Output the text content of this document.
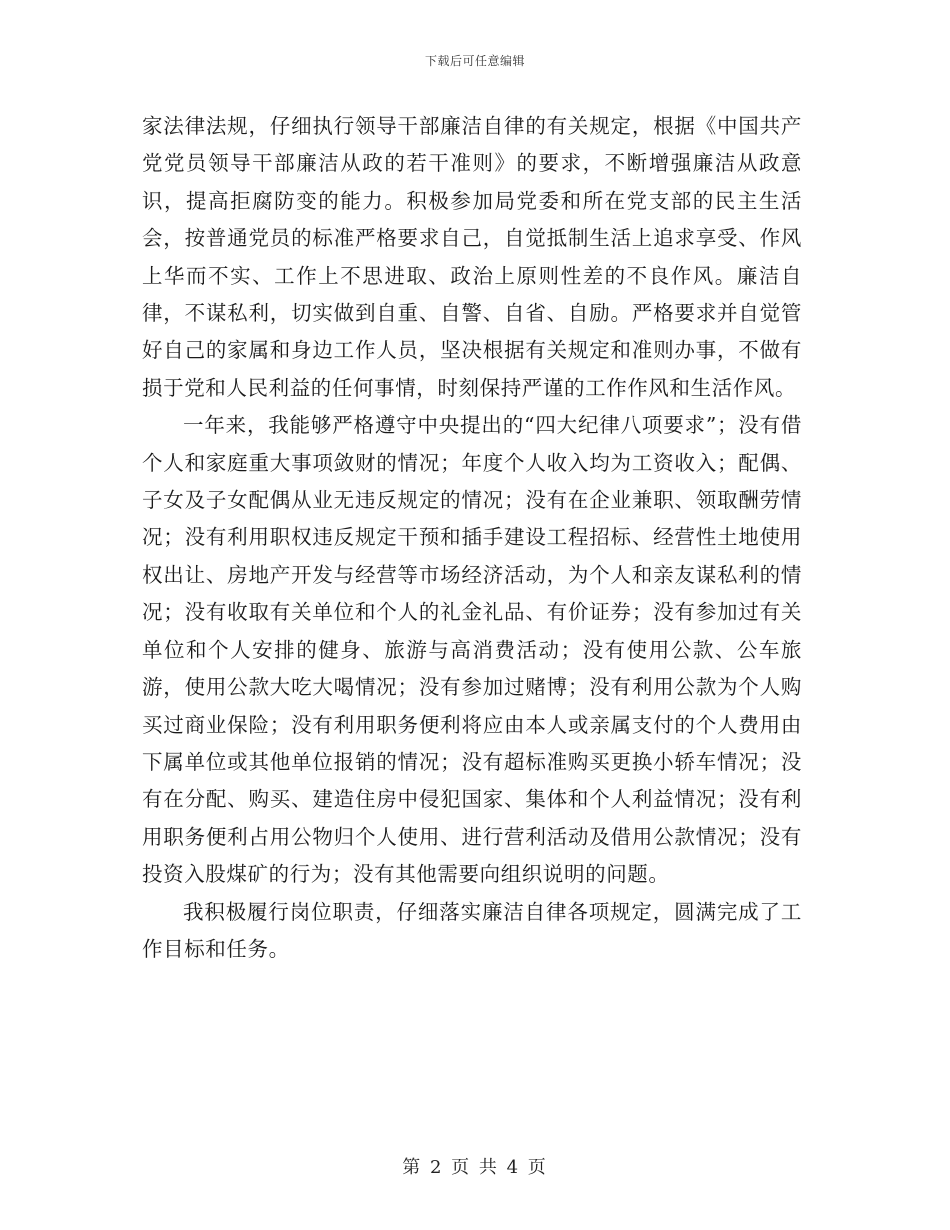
下载后可任意编辑

家法律法规，仔细执行领导干部廉洁自律的有关规定，根据《中国共产党党员领导干部廉洁从政的若干准则》的要求，不断增强廉洁从政意识，提高拒腐防变的能力。积极参加局党委和所在党支部的民主生活会，按普通党员的标准严格要求自己，自觉抵制生活上追求享受、作风上华而不实、工作上不思进取、政治上原则性差的不良作风。廉洁自律，不谋私利，切实做到自重、自警、自省、自励。严格要求并自觉管好自己的家属和身边工作人员，坚决根据有关规定和准则办事，不做有损于党和人民利益的任何事情，时刻保持严谨的工作作风和生活作风。

一年来，我能够严格遵守中央提出的“四大纪律八项要求”；没有借个人和家庭重大事项敛财的情况；年度个人收入均为工资收入；配偶、子女及子女配偶从业无违反规定的情况；没有在企业兼职、领取酬劳情况；没有利用职权违反规定干预和插手建设工程招标、经营性土地使用权出让、房地产开发与经营等市场经济活动，为个人和亲友谋私利的情况；没有收取有关单位和个人的礼金礼品、有价证券；没有参加过有关单位和个人安排的健身、旅游与高消费活动；没有使用公款、公车旅游，使用公款大吃大喝情况；没有参加过赌博；没有利用公款为个人购买过商业保险；没有利用职务便利将应由本人或亲属支付的个人费用由下属单位或其他单位报销的情况；没有超标准购买更换小轿车情况；没有在分配、购买、建造住房中侵犯国家、集体和个人利益情况；没有利用职务便利占用公物归个人使用、进行营利活动及借用公款情况；没有投资入股煤矿的行为；没有其他需要向组织说明的问题。

我积极履行岗位职责，仔细落实廉洁自律各项规定，圆满完成了工作目标和任务。

第 2 页 共 4 页
